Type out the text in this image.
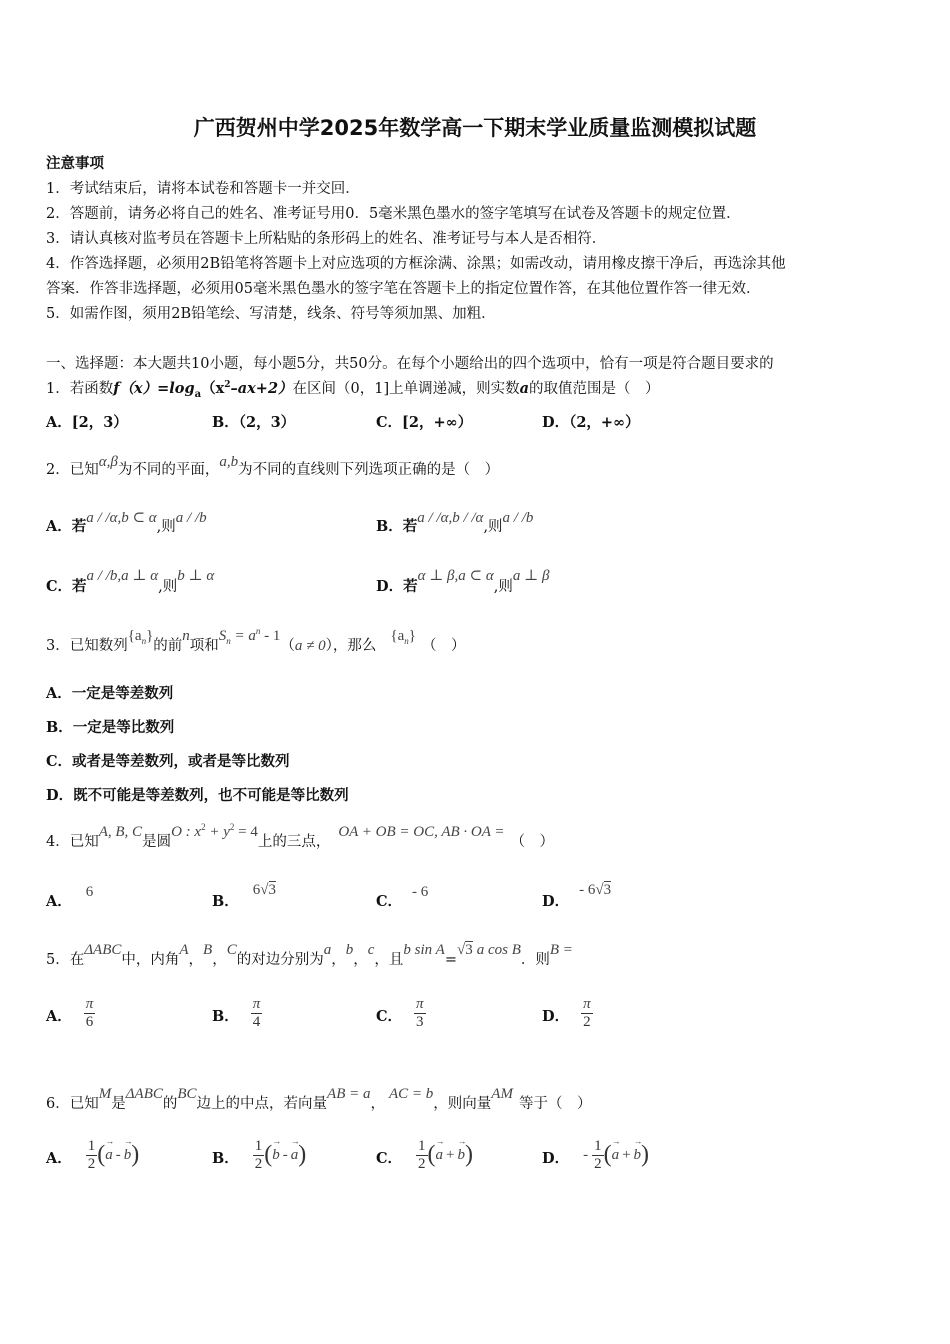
广西贺州中学2025年数学高一下期末学业质量监测模拟试题
注意事项
1．考试结束后，请将本试卷和答题卡一并交回．
2．答题前，请务必将自己的姓名、准考证号用0．5毫米黑色墨水的签字笔填写在试卷及答题卡的规定位置．
3．请认真核对监考员在答题卡上所粘贴的条形码上的姓名、准考证号与本人是否相符．
4．作答选择题，必须用2B铅笔将答题卡上对应选项的方框涂满、涂黑；如需改动，请用橡皮擦干净后，再选涂其他
答案．作答非选择题，必须用05毫米黑色墨水的签字笔在答题卡上的指定位置作答，在其他位置作答一律无效．
5．如需作图，须用2B铅笔绘、写清楚，线条、符号等须加黑、加粗．
一、选择题：本大题共10小题，每小题5分，共50分。在每个小题给出的四个选项中，恰有一项是符合题目要求的
1．若函数$f(x)=\log_a(x^2-ax+2)$在区间（0，1]上单调递减，则实数a的取值范围是（　）
A．[2，3）	B．（2，3）	C．[2，+∞）	D．（2，+∞）
2．已知α,β为不同的平面，a,b为不同的直线则下列选项正确的是（　）
A．若a / /α,b ⊂ α,则a / /b	B．若a / /α,b / /α,则a / /b
C．若a / /b,a ⊥ α,则b ⊥ α
D．若α ⊥ β,a ⊂ α,则a ⊥ β
3．已知数列$\{a_n\}$的前n项和$S_n = a^n - 1(a \ne 0)$，那么$\{a_n\}$（　）
A．一定是等差数列
B．一定是等比数列
C．或者是等差数列，或者是等比数列
D．既不可能是等差数列，也不可能是等比数列
4．已知A, B, C是圆O : $x^2 + y^2 = 4$上的三点，OA + OB = OC, AB · OA =（　）
A．6
B．6√3
C．- 6
D．- 6√3
5．在ΔABC中，内角A，B，C的对边分别为a，b，c，且b sin A=√3 a cos B．则B =
A． $\frac{\pi}{6}$	B． $\frac{\pi}{4}$	C． $\frac{\pi}{3}$	D． $\frac{\pi}{2}$
6．已知M是ΔABC的BC边上的中点，若向量AB = a，AC = b，则向量AM等于（　）
A． $\frac{1}{2}$ (→ a - → b)	B． $\frac{1}{2}$ (→ b - → a)	C． $\frac{1}{2}$ (→ a + → b)	D． - $\frac{1}{2}$ (→ a + → b)
